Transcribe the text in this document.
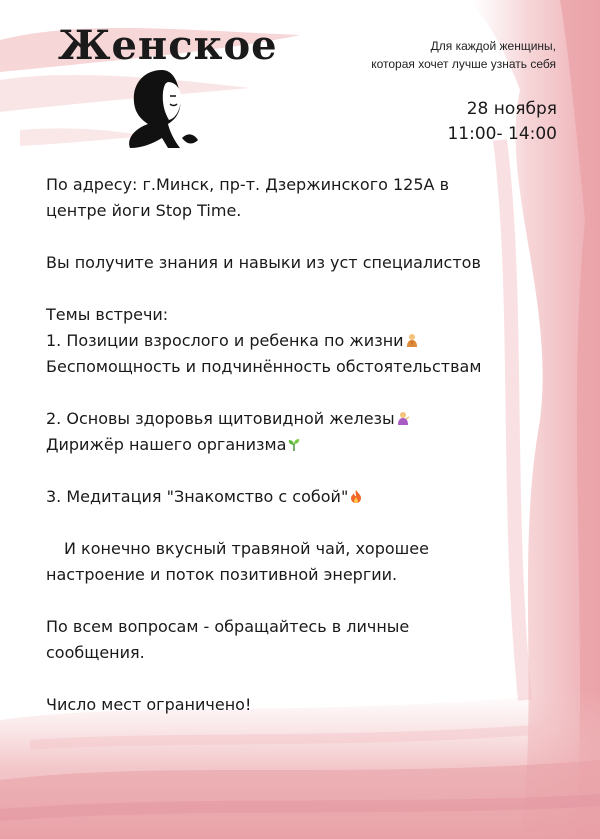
Женское	Для каждой женщины,
которая хочет лучше узнать себя
28 ноября
11:00- 14:00
По адресу: г.Минск, пр-т. Дзержинского 125А в
центре йоги Stop Time.
Вы получите знания и навыки из уст специалистов
Темы встречи:
1. Позиции взрослого и ребенка по жизни
Беспомощность и подчинённость обстоятельствам
2. Основы здоровья щитовидной железы
Дирижёр нашего организма
3. Медитация "Знакомство с собой"
И конечно вкусный травяной чай, хорошее
настроение и поток позитивной энергии.
По всем вопросам - обращайтесь в личные
сообщения.
Число мест ограничено!
